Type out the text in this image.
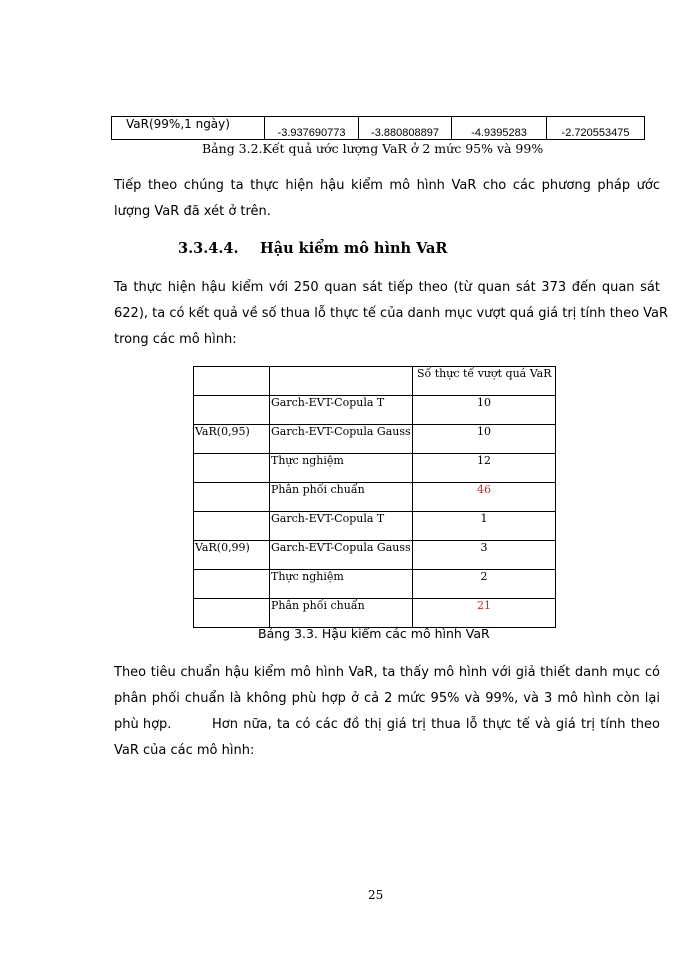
VaR(99%,1 ngày)	-3.937690773	-3.880808897	-4.9395283	-2.720553475
Bảng 3.2.Kết quả ước lượng VaR ở 2 mức 95% và 99%
Tiếp theo chúng ta thực hiện hậu kiểm mô hình VaR cho các phương pháp ước
lượng VaR đã xét ở trên.
3.3.4.4. Hậu kiểm mô hình VaR
Ta thực hiện hậu kiểm với 250 quan sát tiếp theo (từ quan sát 373 đến quan sát
622), ta có kết quả về số thua lỗ thực tế của danh mục vượt quá giá trị tính theo VaR
trong các mô hình:
		Số thực tế vượt quá VaR
	Garch-EVT-Copula T	10
VaR(0,95)	Garch-EVT-Copula Gauss	10
	Thực nghiệm	12
	Phân phối chuẩn	46
	Garch-EVT-Copula T	1
VaR(0,99)	Garch-EVT-Copula Gauss	3
	Thực nghiệm	2
	Phân phối chuẩn	21
Bảng 3.3. Hậu kiểm các mô hình VaR
Theo tiêu chuẩn hậu kiểm mô hình VaR, ta thấy mô hình với giả thiết danh mục có
phân phối chuẩn là không phù hợp ở cả 2 mức 95% và 99%, và 3 mô hình còn lại
phù hợp.	Hơn nữa, ta có các đồ thị giá trị thua lỗ thực tế và giá trị tính theo
VaR của các mô hình:
25
